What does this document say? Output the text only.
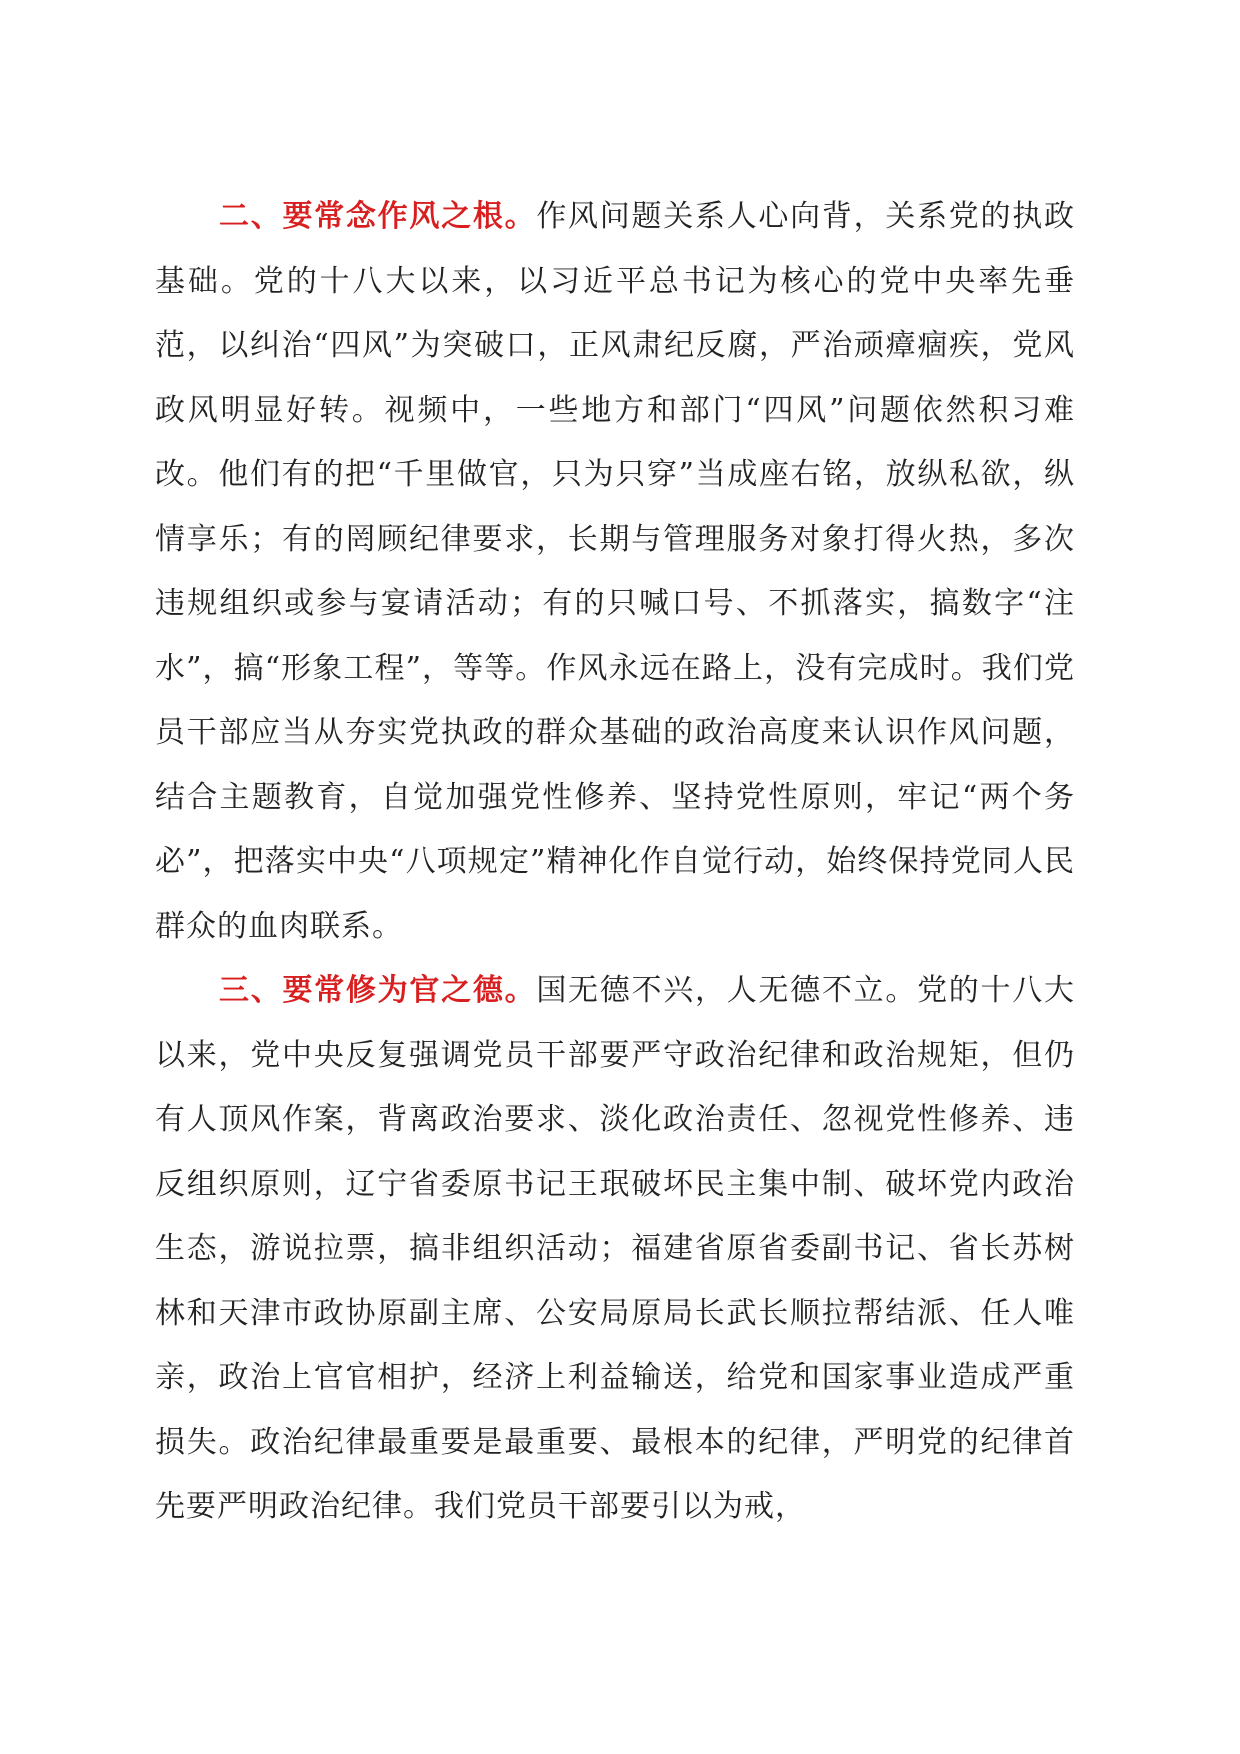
二、要常念作风之根。作风问题关系人心向背，关系党的执政基础。党的十八大以来，以习近平总书记为核心的党中央率先垂范，以纠治“四风”为突破口，正风肃纪反腐，严治顽瘴痼疾，党风政风明显好转。视频中，一些地方和部门“四风”问题依然积习难改。他们有的把“千里做官，只为只穿”当成座右铭，放纵私欲，纵情享乐；有的罔顾纪律要求，长期与管理服务对象打得火热，多次违规组织或参与宴请活动；有的只喊口号、不抓落实，搞数字“注水”，搞“形象工程”，等等。作风永远在路上，没有完成时。我们党员干部应当从夯实党执政的群众基础的政治高度来认识作风问题，结合主题教育，自觉加强党性修养、坚持党性原则，牢记“两个务必”，把落实中央“八项规定”精神化作自觉行动，始终保持党同人民群众的血肉联系。

三、要常修为官之德。国无德不兴，人无德不立。党的十八大以来，党中央反复强调党员干部要严守政治纪律和政治规矩，但仍有人顶风作案，背离政治要求、淡化政治责任、忽视党性修养、违反组织原则，辽宁省委原书记王珉破坏民主集中制、破坏党内政治生态，游说拉票，搞非组织活动；福建省原省委副书记、省长苏树林和天津市政协原副主席、公安局原局长武长顺拉帮结派、任人唯亲，政治上官官相护，经济上利益输送，给党和国家事业造成严重损失。政治纪律最重要是最重要、最根本的纪律，严明党的纪律首先要严明政治纪律。我们党员干部要引以为戒，
